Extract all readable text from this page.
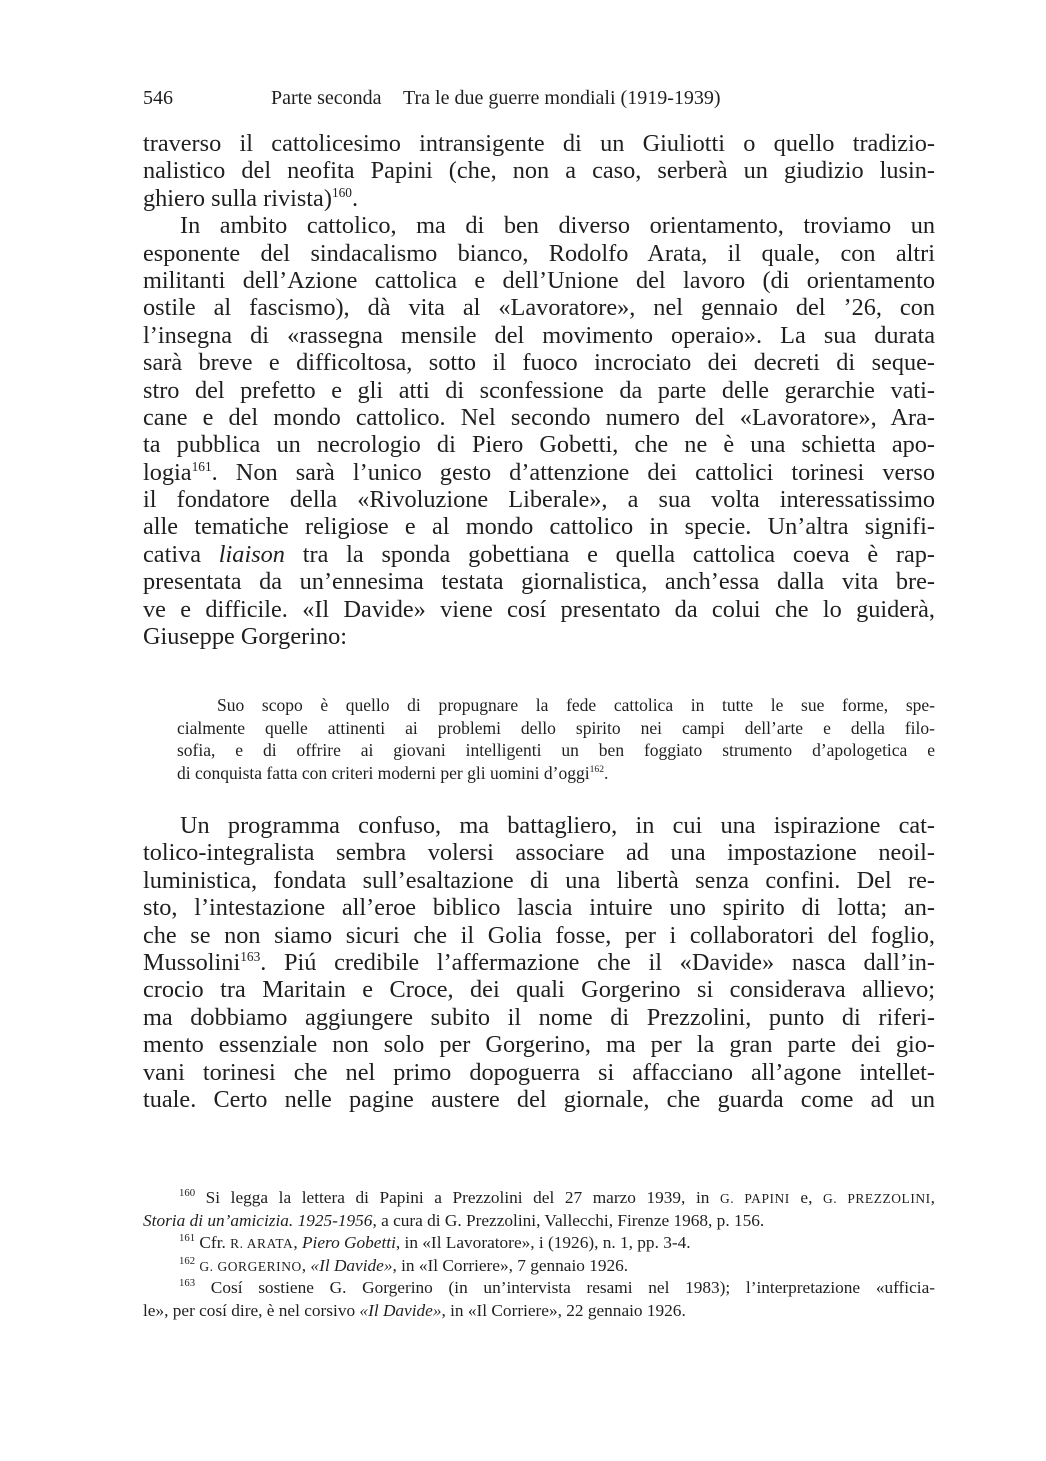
546	Parte seconda Tra le due guerre mondiali (1919-1939)
traverso il cattolicesimo intransigente di un Giuliotti o quello tradizio-
nalistico del neofita Papini (che, non a caso, serberà un giudizio lusin-
ghiero sulla rivista)$^{160}$.
In ambito cattolico, ma di ben diverso orientamento, troviamo un
esponente del sindacalismo bianco, Rodolfo Arata, il quale, con altri
militanti dell’Azione cattolica e dell’Unione del lavoro (di orientamento
ostile al fascismo), dà vita al «Lavoratore», nel gennaio del ’26, con
l’insegna di «rassegna mensile del movimento operaio». La sua durata
sarà breve e difficoltosa, sotto il fuoco incrociato dei decreti di seque-
stro del prefetto e gli atti di sconfessione da parte delle gerarchie vati-
cane e del mondo cattolico. Nel secondo numero del «Lavoratore», Ara-
ta pubblica un necrologio di Piero Gobetti, che ne è una schietta apo-
logia$^{161}$. Non sarà l’unico gesto d’attenzione dei cattolici torinesi verso
il fondatore della «Rivoluzione Liberale», a sua volta interessatissimo
alle tematiche religiose e al mondo cattolico in specie. Un’altra signifi-
cativa liaison tra la sponda gobettiana e quella cattolica coeva è rap-
presentata da un’ennesima testata giornalistica, anch’essa dalla vita bre-
ve e difficile. «Il Davide» viene cosí presentato da colui che lo guiderà,
Giuseppe Gorgerino:
Suo scopo è quello di propugnare la fede cattolica in tutte le sue forme, spe-
cialmente quelle attinenti ai problemi dello spirito nei campi dell’arte e della filo-
sofia, e di offrire ai giovani intelligenti un ben foggiato strumento d’apologetica e
di conquista fatta con criteri moderni per gli uomini d’oggi$^{162}$.
Un programma confuso, ma battagliero, in cui una ispirazione cat-
tolico-integralista sembra volersi associare ad una impostazione neoil-
luministica, fondata sull’esaltazione di una libertà senza confini. Del re-
sto, l’intestazione all’eroe biblico lascia intuire uno spirito di lotta; an-
che se non siamo sicuri che il Golia fosse, per i collaboratori del foglio,
Mussolini$^{163}$. Piú credibile l’affermazione che il «Davide» nasca dall’in-
crocio tra Maritain e Croce, dei quali Gorgerino si considerava allievo;
ma dobbiamo aggiungere subito il nome di Prezzolini, punto di riferi-
mento essenziale non solo per Gorgerino, ma per la gran parte dei gio-
vani torinesi che nel primo dopoguerra si affacciano all’agone intellet-
tuale. Certo nelle pagine austere del giornale, che guarda come ad un
$^{160}$ Si legga la lettera di Papini a Prezzolini del 27 marzo 1939, in G. PAPINI e, G. PREZZOLINI,
Storia di un’amicizia. 1925-1956, a cura di G. Prezzolini, Vallecchi, Firenze 1968, p. 156.
$^{161}$ Cfr. R. ARATA, Piero Gobetti, in «Il Lavoratore», i (1926), n. 1, pp. 3-4.
$^{162}$ G. GORGERINO, «Il Davide», in «Il Corriere», 7 gennaio 1926.
$^{163}$ Cosí sostiene G. Gorgerino (in un’intervista resami nel 1983); l’interpretazione «ufficia-
le», per cosí dire, è nel corsivo «Il Davide», in «Il Corriere», 22 gennaio 1926.
